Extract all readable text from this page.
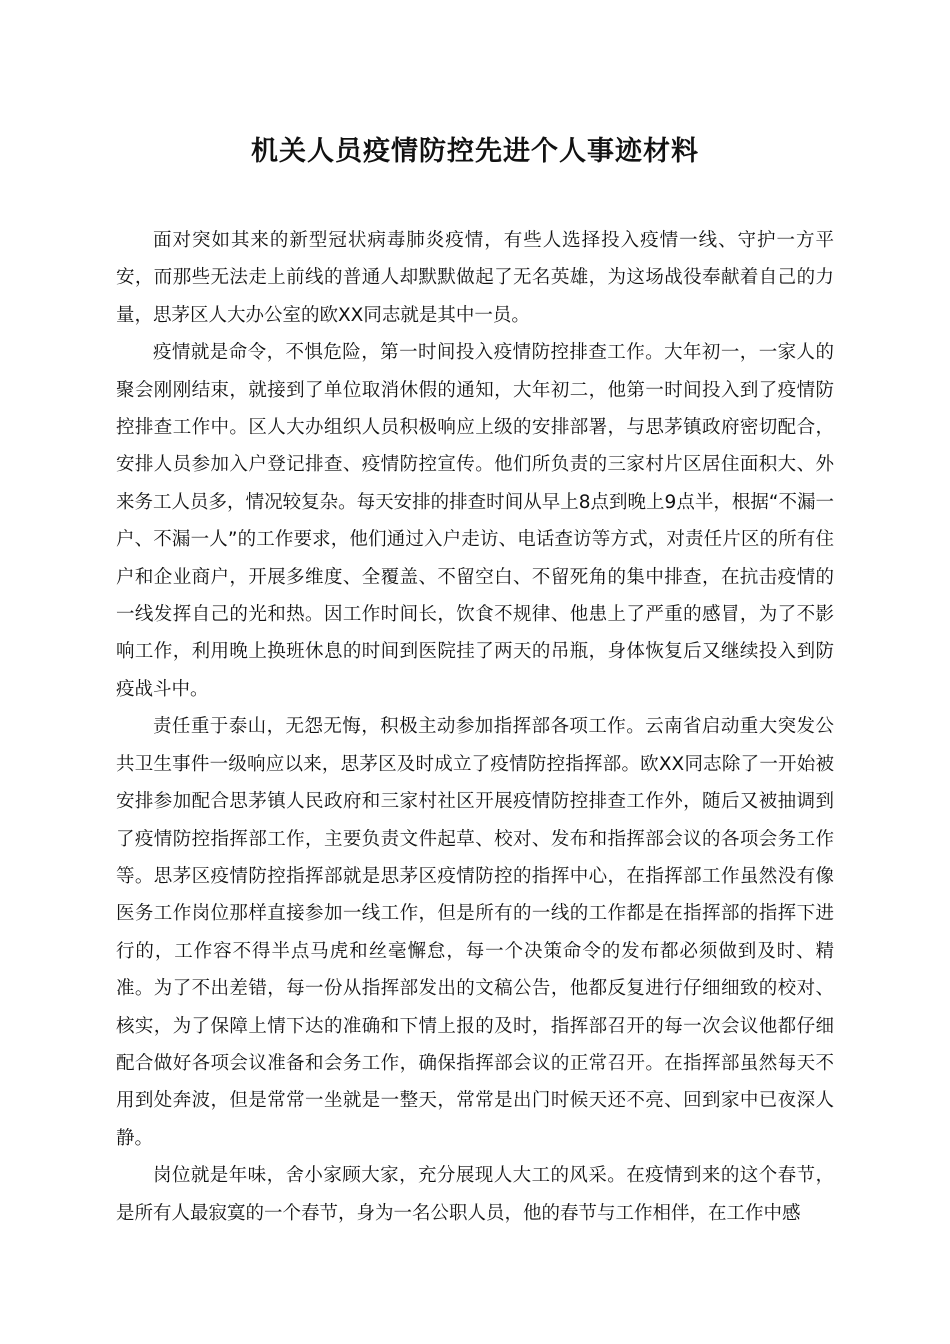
机关人员疫情防控先进个人事迹材料

面对突如其来的新型冠状病毒肺炎疫情，有些人选择投入疫情一线、守护一方平安，而那些无法走上前线的普通人却默默做起了无名英雄，为这场战役奉献着自己的力量，思茅区人大办公室的欧XX同志就是其中一员。

疫情就是命令，不惧危险，第一时间投入疫情防控排查工作。大年初一，一家人的聚会刚刚结束，就接到了单位取消休假的通知，大年初二，他第一时间投入到了疫情防控排查工作中。区人大办组织人员积极响应上级的安排部署，与思茅镇政府密切配合，安排人员参加入户登记排查、疫情防控宣传。他们所负责的三家村片区居住面积大、外来务工人员多，情况较复杂。每天安排的排查时间从早上8点到晚上9点半，根据“不漏一户、不漏一人”的工作要求，他们通过入户走访、电话查访等方式，对责任片区的所有住户和企业商户，开展多维度、全覆盖、不留空白、不留死角的集中排查，在抗击疫情的一线发挥自己的光和热。因工作时间长，饮食不规律、他患上了严重的感冒，为了不影响工作，利用晚上换班休息的时间到医院挂了两天的吊瓶，身体恢复后又继续投入到防疫战斗中。

责任重于泰山，无怨无悔，积极主动参加指挥部各项工作。云南省启动重大突发公共卫生事件一级响应以来，思茅区及时成立了疫情防控指挥部。欧XX同志除了一开始被安排参加配合思茅镇人民政府和三家村社区开展疫情防控排查工作外，随后又被抽调到了疫情防控指挥部工作，主要负责文件起草、校对、发布和指挥部会议的各项会务工作等。思茅区疫情防控指挥部就是思茅区疫情防控的指挥中心，在指挥部工作虽然没有像医务工作岗位那样直接参加一线工作，但是所有的一线的工作都是在指挥部的指挥下进行的，工作容不得半点马虎和丝毫懈怠，每一个决策命令的发布都必须做到及时、精准。为了不出差错，每一份从指挥部发出的文稿公告，他都反复进行仔细细致的校对、核实，为了保障上情下达的准确和下情上报的及时，指挥部召开的每一次会议他都仔细配合做好各项会议准备和会务工作，确保指挥部会议的正常召开。在指挥部虽然每天不用到处奔波，但是常常一坐就是一整天，常常是出门时候天还不亮、回到家中已夜深人静。

岗位就是年味，舍小家顾大家，充分展现人大工的风采。在疫情到来的这个春节，是所有人最寂寞的一个春节，身为一名公职人员，他的春节与工作相伴，在工作中感
